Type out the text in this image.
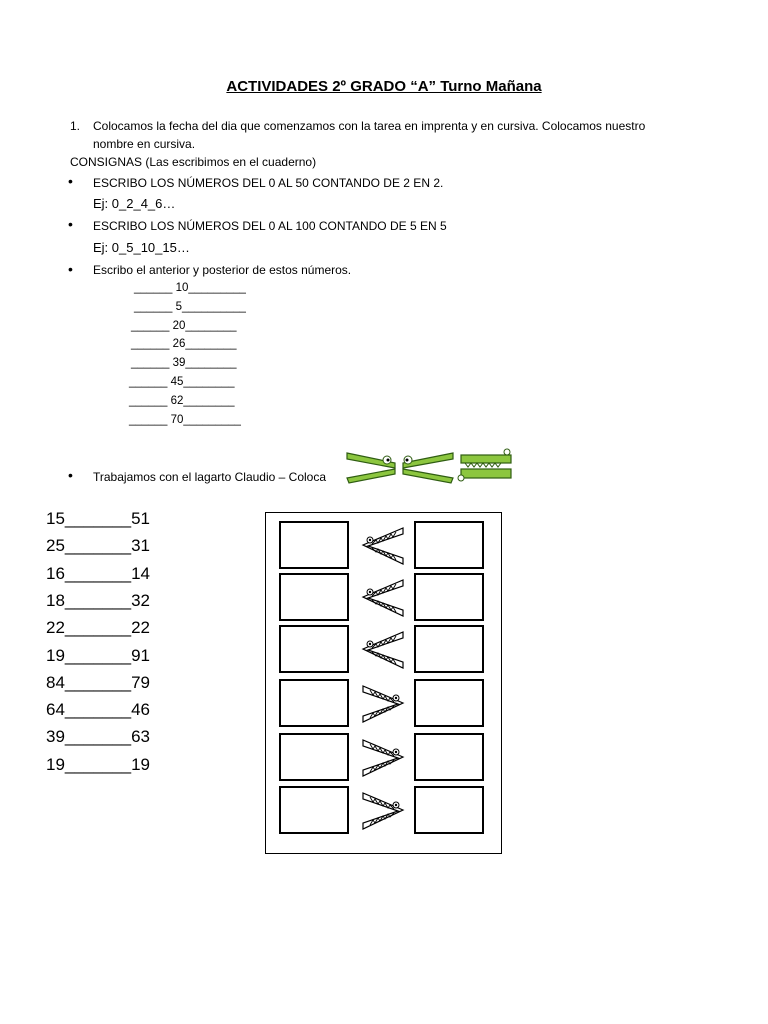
ACTIVIDADES 2º GRADO “A” Turno Mañana
1. Colocamos la fecha del dia que comenzamos con la tarea en imprenta y en cursiva. Colocamos nuestro
nombre en cursiva.
CONSIGNAS (Las escribimos en el cuaderno)
• ESCRIBO LOS NÚMEROS DEL 0 AL 50 CONTANDO DE 2 EN 2.
Ej: 0_2_4_6…
• ESCRIBO LOS NÚMEROS DEL 0 AL 100 CONTANDO DE 5 EN 5
Ej: 0_5_10_15…
• Escribo el anterior y posterior de estos números.
______ 10_________
______ 5__________
______ 20________
______ 26________
______ 39________
______ 45________
______ 62________
______ 70_________
• Trabajamos con el lagarto Claudio – Coloca
15_______51
25_______31
16_______14
18_______32
22_______22
19_______91
84_______79
64_______46
39_______63
19_______19
